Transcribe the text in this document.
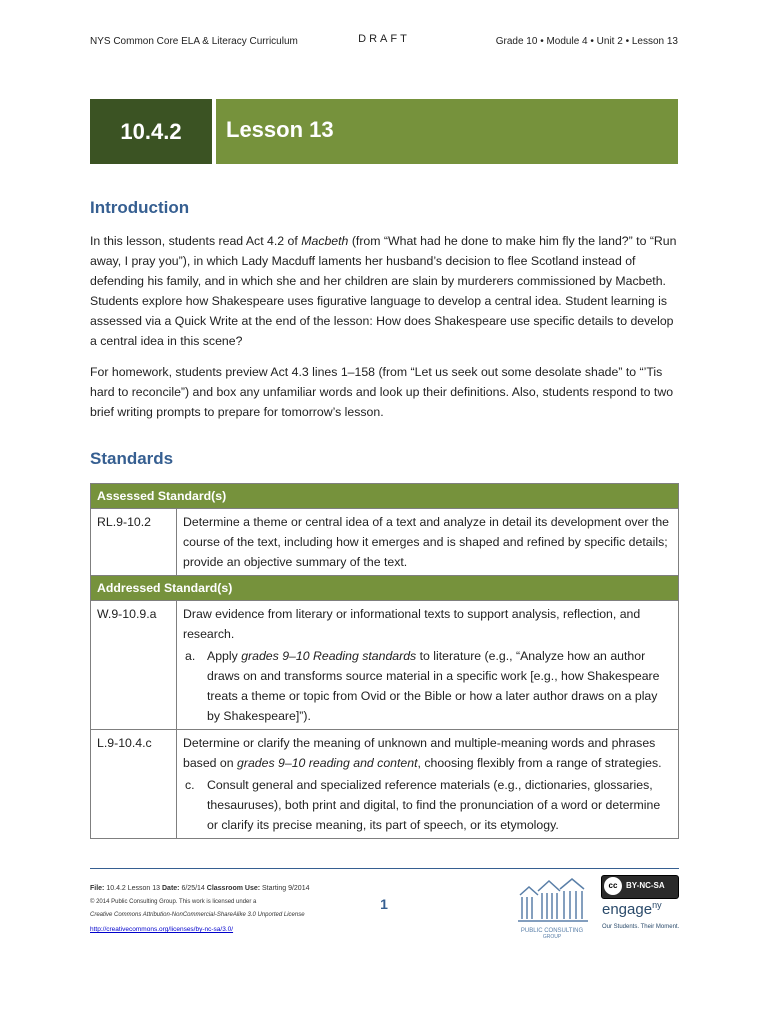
NYS Common Core ELA & Literacy Curriculum	DRAFT	Grade 10 • Module 4 • Unit 2 • Lesson 13
10.4.2	Lesson 13
Introduction

In this lesson, students read Act 4.2 of Macbeth (from “What had he done to make him fly the land?” to “Run away, I pray you”), in which Lady Macduff laments her husband’s decision to flee Scotland instead of defending his family, and in which she and her children are slain by murderers commissioned by Macbeth. Students explore how Shakespeare uses figurative language to develop a central idea. Student learning is assessed via a Quick Write at the end of the lesson: How does Shakespeare use specific details to develop a central idea in this scene?

For homework, students preview Act 4.3 lines 1–158 (from “Let us seek out some desolate shade” to “’Tis hard to reconcile”) and box any unfamiliar words and look up their definitions. Also, students respond to two brief writing prompts to prepare for tomorrow’s lesson.

Standards
Assessed Standard(s)	
RL.9-10.2	Determine a theme or central idea of a text and analyze in detail its development over the course of the text, including how it emerges and is shaped and refined by specific details; provide an objective summary of the text.
Addressed Standard(s)	
W.9-10.9.a	Draw evidence from literary or informational texts to support analysis, reflection, and research.
a. Apply grades 9–10 Reading standards to literature (e.g., “Analyze how an author draws on and transforms source material in a specific work [e.g., how Shakespeare treats a theme or topic from Ovid or the Bible or how a later author draws on a play by Shakespeare]”).

L.9-10.4.c	Determine or clarify the meaning of unknown and multiple-meaning words and phrases based on grades 9–10 reading and content, choosing flexibly from a range of strategies.
c. Consult general and specialized reference materials (e.g., dictionaries, glossaries, thesauruses), both print and digital, to find the pronunciation of a word or determine or clarify its precise meaning, its part of speech, or its etymology.
File: 10.4.2 Lesson 13 Date: 6/25/14 Classroom Use: Starting 9/2014
© 2014 Public Consulting Group. This work is licensed under a
Creative Commons Attribution-NonCommercial-ShareAlike 3.0 Unported License
http://creativecommons.org/licenses/by-nc-sa/3.0/
1
PUBLIC CONSULTING
GROUP
cc	BY-NC-SA
engage$^{ny}$
Our Students. Their Moment.
